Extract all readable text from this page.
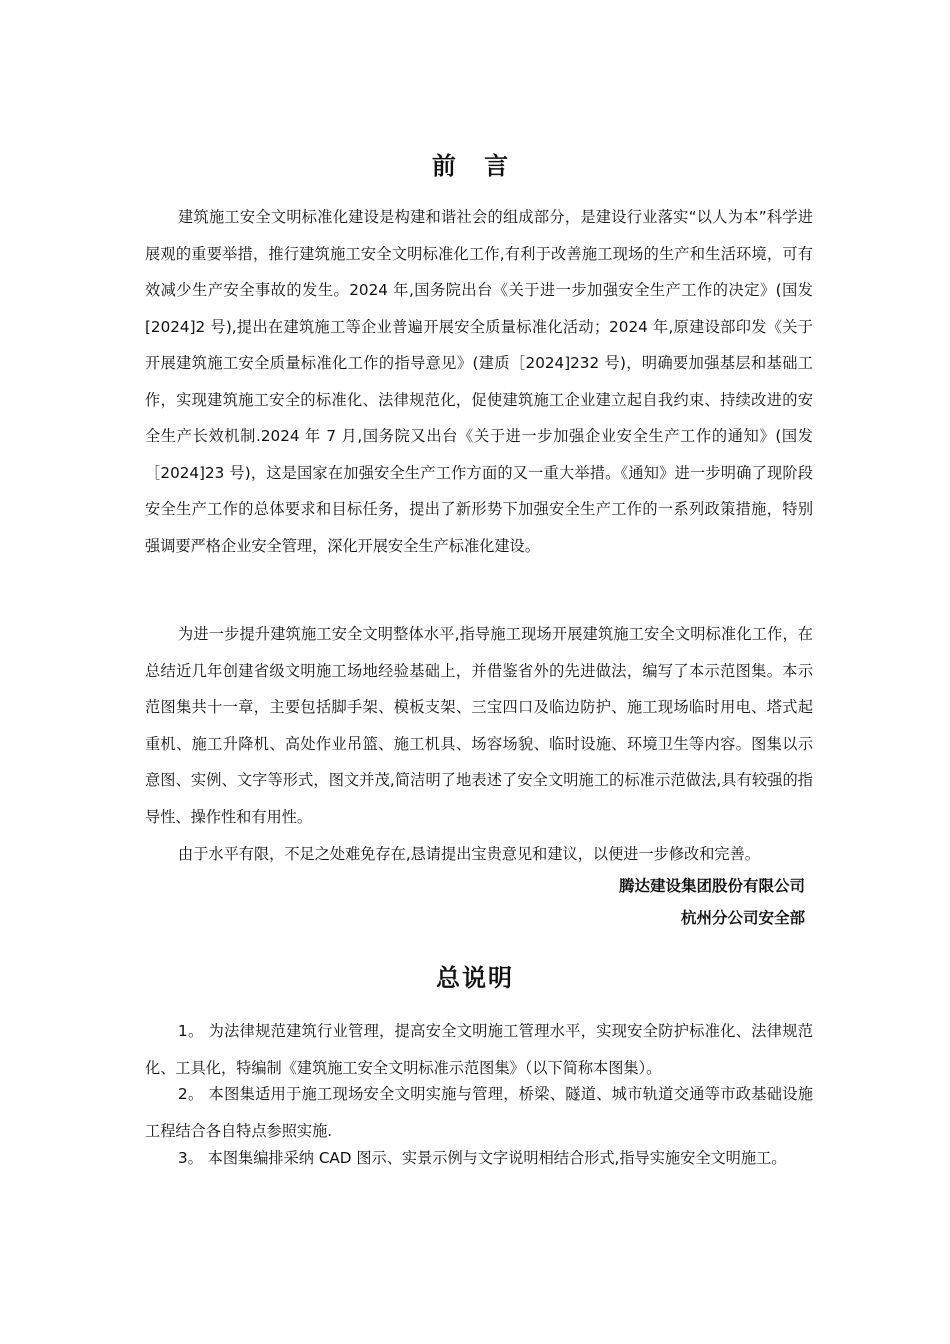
前 言

建筑施工安全文明标准化建设是构建和谐社会的组成部分，是建设行业落实“以人为本”科学进展观的重要举措，推行建筑施工安全文明标准化工作,有利于改善施工现场的生产和生活环境，可有效减少生产安全事故的发生。2024 年,国务院出台《关于进一步加强安全生产工作的决定》(国发[2024]2 号),提出在建筑施工等企业普遍开展安全质量标准化活动；2024 年,原建设部印发《关于开展建筑施工安全质量标准化工作的指导意见》(建质［2024]232 号)，明确要加强基层和基础工作，实现建筑施工安全的标准化、法律规范化，促使建筑施工企业建立起自我约束、持续改进的安全生产长效机制.2024 年 7 月,国务院又出台《关于进一步加强企业安全生产工作的通知》(国发［2024]23 号)，这是国家在加强安全生产工作方面的又一重大举措。《通知》进一步明确了现阶段安全生产工作的总体要求和目标任务，提出了新形势下加强安全生产工作的一系列政策措施，特别强调要严格企业安全管理，深化开展安全生产标准化建设。

为进一步提升建筑施工安全文明整体水平,指导施工现场开展建筑施工安全文明标准化工作，在总结近几年创建省级文明施工场地经验基础上，并借鉴省外的先进做法，编写了本示范图集。本示范图集共十一章，主要包括脚手架、模板支架、三宝四口及临边防护、施工现场临时用电、塔式起重机、施工升降机、高处作业吊篮、施工机具、场容场貌、临时设施、环境卫生等内容。图集以示意图、实例、文字等形式，图文并茂,简洁明了地表述了安全文明施工的标准示范做法,具有较强的指导性、操作性和有用性。

由于水平有限，不足之处难免存在,恳请提出宝贵意见和建议，以便进一步修改和完善。

腾达建设集团股份有限公司
杭州分公司安全部
总说明

1。 为法律规范建筑行业管理，提高安全文明施工管理水平，实现安全防护标准化、法律规范化、工具化，特编制《建筑施工安全文明标准示范图集》（以下简称本图集）。

2。 本图集适用于施工现场安全文明实施与管理，桥梁、隧道、城市轨道交通等市政基础设施工程结合各自特点参照实施.

3。 本图集编排采纳 CAD 图示、实景示例与文字说明相结合形式,指导实施安全文明施工。
